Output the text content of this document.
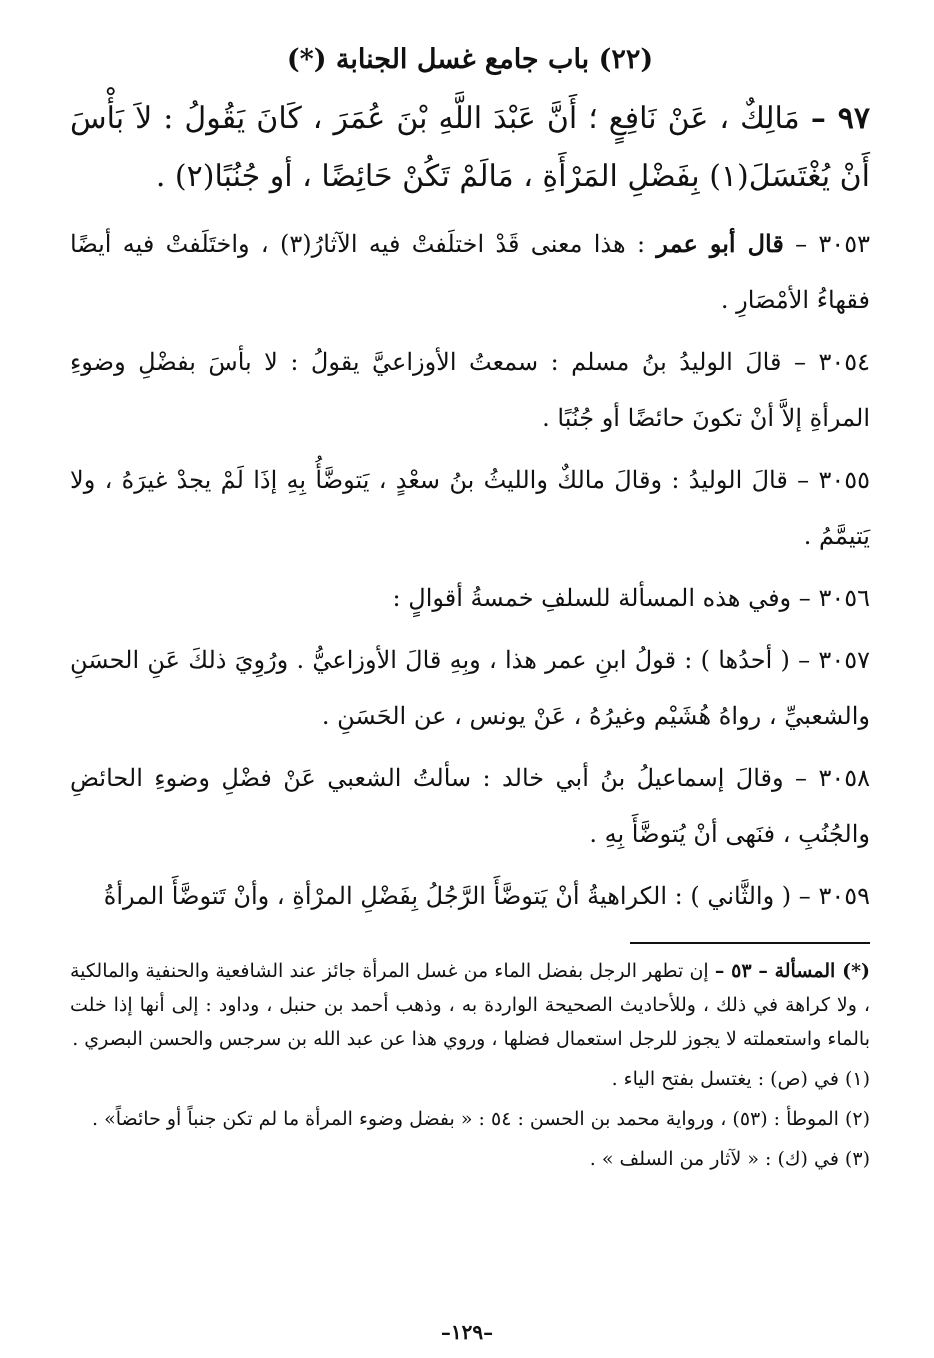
(٢٢) باب جامع غسل الجنابة (*)

٩٧ – مَالِكٌ ، عَنْ نَافِعٍ ؛ أَنَّ عَبْدَ اللَّهِ بْنَ عُمَرَ ، كَانَ يَقُولُ : لاَ بَأْسَ أَنْ يُغْتَسَلَ(١) بِفَضْلِ المَرْأَةِ ، مَالَمْ تَكُنْ حَائِضًا ، أو جُنُبًا(٢) .

٣٠٥٣ – قال أبو عمر : هذا معنى قَدْ اختلَفتْ فيه الآثارُ(٣) ، واختَلَفتْ فيه أيضًا فقهاءُ الأمْصَارِ .

٣٠٥٤ – قالَ الوليدُ بنُ مسلم : سمعتُ الأوزاعيَّ يقولُ : لا بأسَ بفضْلِ وضوءِ المرأةِ إلاَّ أنْ تكونَ حائضًا أو جُنُبًا .

٣٠٥٥ – قالَ الوليدُ : وقالَ مالكٌ والليثُ بنُ سعْدٍ ، يَتوضَّأُ بِهِ إذَا لَمْ يجدْ غيرَهُ ، ولا يَتيمَّمُ .

٣٠٥٦ – وفي هذه المسألة للسلفِ خمسةُ أقوالٍ :

٣٠٥٧ – ( أحدُها ) : قولُ ابنِ عمر هذا ، وبِهِ قالَ الأوزاعيُّ . ورُوِيَ ذلكَ عَنِ الحسَنِ والشعبيِّ ، رواهُ هُشَيْم وغيرُهُ ، عَنْ يونس ، عن الحَسَنِ .

٣٠٥٨ – وقالَ إسماعيلُ بنُ أبي خالد : سألتُ الشعبي عَنْ فضْلِ وضوءِ الحائضِ والجُنُبِ ، فنَهى أنْ يُتوضَّأَ بِهِ .

٣٠٥٩ – ( والثَّاني ) : الكراهيةُ أنْ يَتوضَّأَ الرَّجُلُ بِفَضْلِ المرْأةِ ، وأنْ تَتوضَّأَ المرأةُ

(*) المسألة – ٥٣ – إن تطهر الرجل بفضل الماء من غسل المرأة جائز عند الشافعية والحنفية والمالكية ، ولا كراهة في ذلك ، وللأحاديث الصحيحة الواردة به ، وذهب أحمد بن حنبل ، وداود : إلى أنها إذا خلت بالماء واستعملته لا يجوز للرجل استعمال فضلها ، وروي هذا عن عبد الله بن سرجس والحسن البصري .

(١) في (ص) : يغتسل بفتح الياء .

(٢) الموطأ : (٥٣) ، ورواية محمد بن الحسن : ٥٤ : « بفضل وضوء المرأة ما لم تكن جنباً أو حائضاً» .

(٣) في (ك) : « لآثار من السلف » .

–١٢٩–
